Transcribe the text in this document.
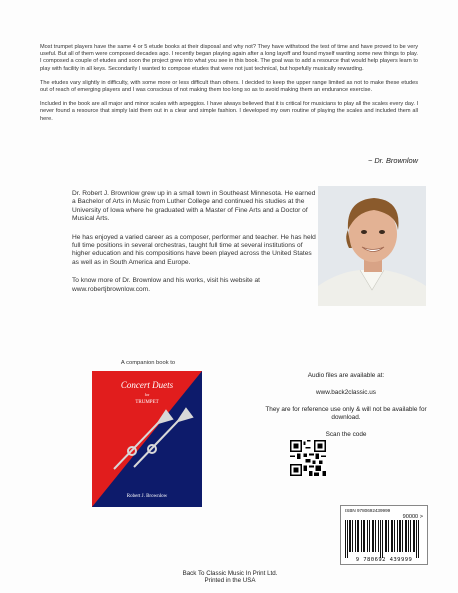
Most trumpet players have the same 4 or 5 etude books at their disposal and why not? They have withstood the test of time and have proved to be very useful. But all of them were composed decades ago. I recently began playing again after a long layoff and found myself wanting some new things to play. I composed a couple of etudes and soon the project grew into what you see in this book. The goal was to add a resource that would help players learn to play with facility in all keys. Secondarily I wanted to compose etudes that were not just technical, but hopefully musically rewarding.

The etudes vary slightly in difficulty, with some more or less difficult than others. I decided to keep the upper range limited as not to make these etudes out of reach of emerging players and I was conscious of not making them too long so as to avoid making them an endurance exercise.

Included in the book are all major and minor scales with arpeggios. I have always believed that it is critical for musicians to play all the scales every day. I never found a resource that simply laid them out in a clear and simple fashion. I developed my own routine of playing the scales and included them all here.

~ Dr. Brownlow

Dr. Robert J. Brownlow grew up in a small town in Southeast Minnesota. He earned a Bachelor of Arts in Music from Luther College and continued his studies at the University of Iowa where he graduated with a Master of Fine Arts and a Doctor of Musical Arts.

He has enjoyed a varied career as a composer, performer and teacher. He has held full time positions in several orchestras, taught full time at several institutions of higher education and his compositions have been played across the United States as well as in South America and Europe.

To know more of Dr. Brownlow and his works, visit his website at
www.robertjbrownlow.com.

A companion book to
Concert Duets
for
TRUMPET
Robert J. Brownlow

Audio files are available at:

www.back2classic.us

They are for reference use only & will not be available for download.

Scan the code

ISBN 9780692439999
90000 >
9 780692 439999
Back To Classic Music In Print Ltd.
Printed in the USA
